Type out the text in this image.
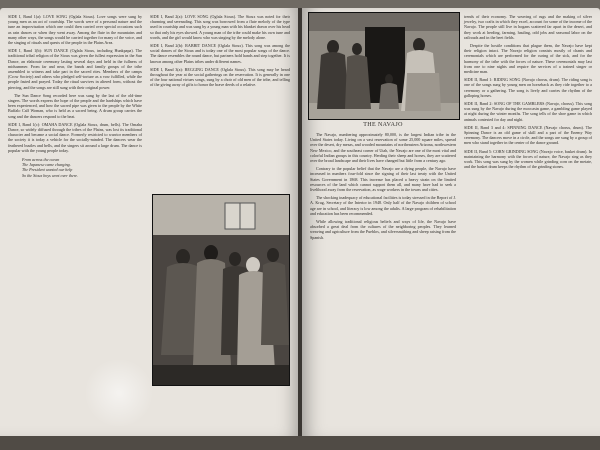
SIDE I, Band 1(a): LOVE SONG (Oglala Sioux). Love songs were sung by young men as an act of courtship. The words were of a personal nature and the tune an improvisation which one could then carried over special occasions such as rain dances or when they went away. Among the flute in the mountains and many other ways, the songs would be carried together for many of the voice, and the singing of rituals and quests of the people in the Plains Area.

SIDE I, Band 1(b): SUN DANCE (Oglala Sioux, including Hunkpapa). The traditional tribal religion of the Sioux was given the fullest expression in the Sun Dance, an elaborate ceremony lasting several days and held in the fullness of midsummer. From far and near, the bands and family groups of the tribe assembled to witness and take part in the sacred rites. Members of the camps (Crow Society) and others who pledged self-torture as a vow fulfilled, while the people fasted and prayed. Today the ritual survives in altered form, without the piercing, and the songs are still sung with their original power.

The Sun Dance Song recorded here was sung by the last of the old-time singers. The words express the hope of the people and the hardships which have been experienced, and how the sacred pipe was given to the people by the White Buffalo Calf Woman, who is held as a sacred being. A drum group carries the song and the dancers respond to the beat.

SIDE I, Band 1(c): OMAHA DANCE (Oglala Sioux, drum, bells). The Omaha Dance, so widely diffused through the tribes of the Plains, was lost its traditional character and became a social dance. Formerly restricted to warrior members of the society it is today a vehicle for the socially-minded. The dancers wear the feathered bustles and bells, and the singers sit around a large drum. The dance is popular with the young people today.

From across the ocean
The Japanese came charging.
The President wanted our help
So the Sioux boys went over there.

SIDE I, Band 2(a): LOVE SONG (Oglala Sioux). The Sioux was noted for their charming and serenading. This song was borrowed from a flute melody of the type used in courtship and was sung by a young man with his blanket drawn over his head so that only his eyes showed. A young man of the tribe could make his own tune and words, and the girl would know who was singing by the melody alone.

SIDE I, Band 2(b): RABBIT DANCE (Oglala Sioux). This song was among the social dances of the Sioux and is today one of the most popular songs of the dance. The dance resembles the round dance, but partners hold hands and step together. It is known among other Plains tribes under different names.

SIDE I, Band 3(a): BEGGING DANCE (Oglala Sioux). This song may be heard throughout the year at the social gatherings on the reservation. It is generally in one of the four national virtues songs, sung by a choir of old men of the tribe, and telling of the giving away of gifts to honor the brave deeds of a relative.

THE NAVAJO

The Navajo, numbering approximately 80,000, is the largest Indian tribe in the United States today. Living on a vast reservation of some 25,000 square miles, spread over the desert, dry mesas, and wooded mountains of northeastern Arizona, northwestern New Mexico, and the southeast corner of Utah, the Navajo are one of the most vital and colorful Indian groups in this country. Herding their sheep and horses, they are scattered over the broad landscape and their lives have changed but little from a century ago.

Contrary to the popular belief that the Navajo are a dying people, the Navajo have increased in numbers four-fold since the signing of their last treaty with the United States Government in 1868. This increase has placed a heavy strain on the limited resources of the land which cannot support them all, and many have had to seek a livelihood away from the reservation, as wage workers in the towns and cities.

The shocking inadequacy of educational facilities is today stressed in the Report of J. A. Krug, Secretary of the Interior in 1948. Only half of the Navajo children of school age are in school, and literacy is low among the adults. A large program of rehabilitation and education has been recommended.

While allowing traditional religious beliefs and ways of life, the Navajo have absorbed a great deal from the cultures of the neighboring peoples. They learned weaving and agriculture from the Pueblos, and silversmithing and sheep raising from the Spanish.

trends of their economy. The weaving of rugs and the making of silver jewelry, two crafts in which they excel, account for some of the income of the Navajo. The people still live in hogans scattered far apart in the desert, and they work at herding, farming, hauling, odd jobs and seasonal labor on the railroads and in the beet fields.

Despite the hostile conditions that plague them, the Navajo have kept their religion intact. The Navajo religion consists mostly of chants and ceremonials which are performed for the curing of the sick, and for the harmony of the tribe with the forces of nature. These ceremonials may last from one to nine nights and require the services of a trained singer or medicine man.

SIDE II, Band 1: RIDING SONG (Navajo chorus, drum). The riding song is one of the songs sung by young men on horseback as they ride together to a ceremony or a gathering. The song is lively and carries the rhythm of the galloping horses.

SIDE II, Band 2: SONG OF THE GAMBLERS (Navajo, chorus). This song was sung by the Navajo during the moccasin game, a gambling game played at night during the winter months. The song tells of the shoe game in which animals contested for day and night.

SIDE II, Band 3 and 4: SPINNING DANCE (Navajo chorus, drum). The Spinning Dance is an old game of skill and a part of the Enemy Way ceremony. The dancers move in a circle, and the songs are sung by a group of men who stand together in the center of the dance ground.

SIDE II, Band 5: CORN GRINDING SONG (Navajo voice, basket drum). In maintaining the harmony with the forces of nature, the Navajo sing as they work. This song was sung by the women while grinding corn on the metate, and the basket drum keeps the rhythm of the grinding stones.
